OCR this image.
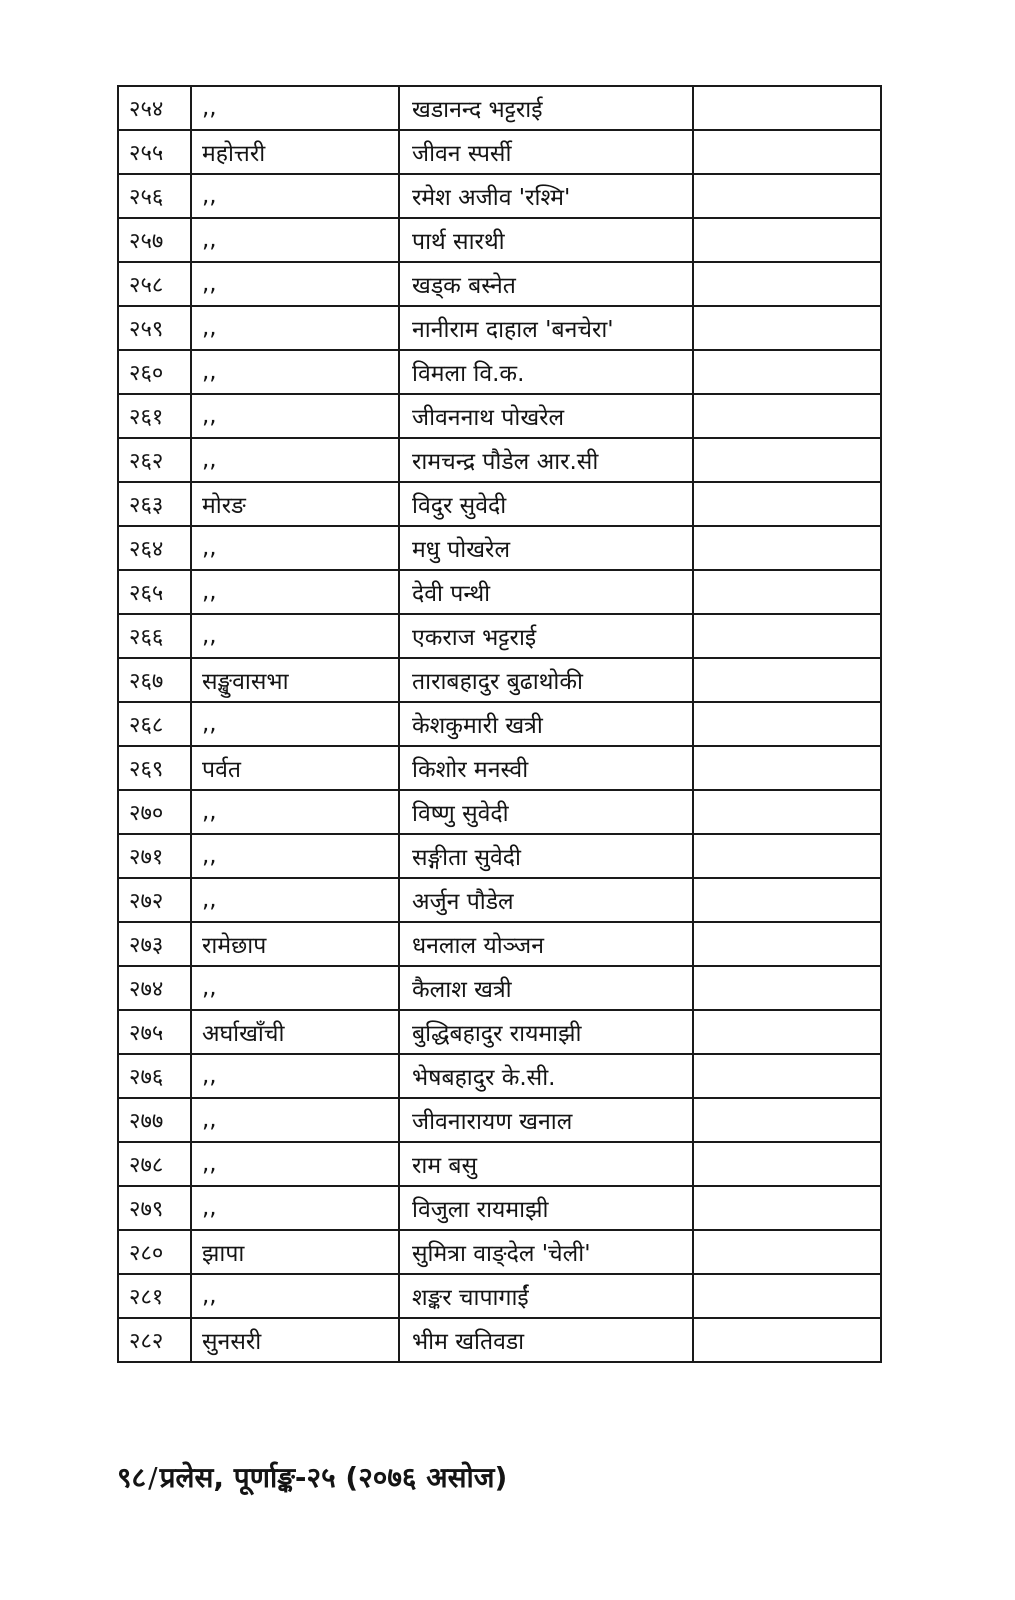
२५४	,,	खडानन्द भट्टराई	
२५५	महोत्तरी	जीवन स्पर्सी	
२५६	,,	रमेश अजीव 'रश्मि'	
२५७	,,	पार्थ सारथी	
२५८	,,	खड्क बस्नेत	
२५९	,,	नानीराम दाहाल 'बनचेरा'	
२६०	,,	विमला वि.क.	
२६१	,,	जीवननाथ पोखरेल	
२६२	,,	रामचन्द्र पौडेल आर.सी	
२६३	मोरङ	विदुर सुवेदी	
२६४	,,	मधु पोखरेल	
२६५	,,	देवी पन्थी	
२६६	,,	एकराज भट्टराई	
२६७	सङ्खुवासभा	ताराबहादुर बुढाथोकी	
२६८	,,	केशकुमारी खत्री	
२६९	पर्वत	किशोर मनस्वी	
२७०	,,	विष्णु सुवेदी	
२७१	,,	सङ्गीता सुवेदी	
२७२	,,	अर्जुन पौडेल	
२७३	रामेछाप	धनलाल योञ्जन	
२७४	,,	कैलाश खत्री	
२७५	अर्घाखाँची	बुद्धिबहादुर रायमाझी	
२७६	,,	भेषबहादुर के.सी.	
२७७	,,	जीवनारायण खनाल	
२७८	,,	राम बसु	
२७९	,,	विजुला रायमाझी	
२८०	झापा	सुमित्रा वाङ्देल 'चेली'	
२८१	,,	शङ्कर चापागाईं	
२८२	सुनसरी	भीम खतिवडा	
९८/प्रलेस, पूर्णाङ्क-२५ (२०७६ असोज)
